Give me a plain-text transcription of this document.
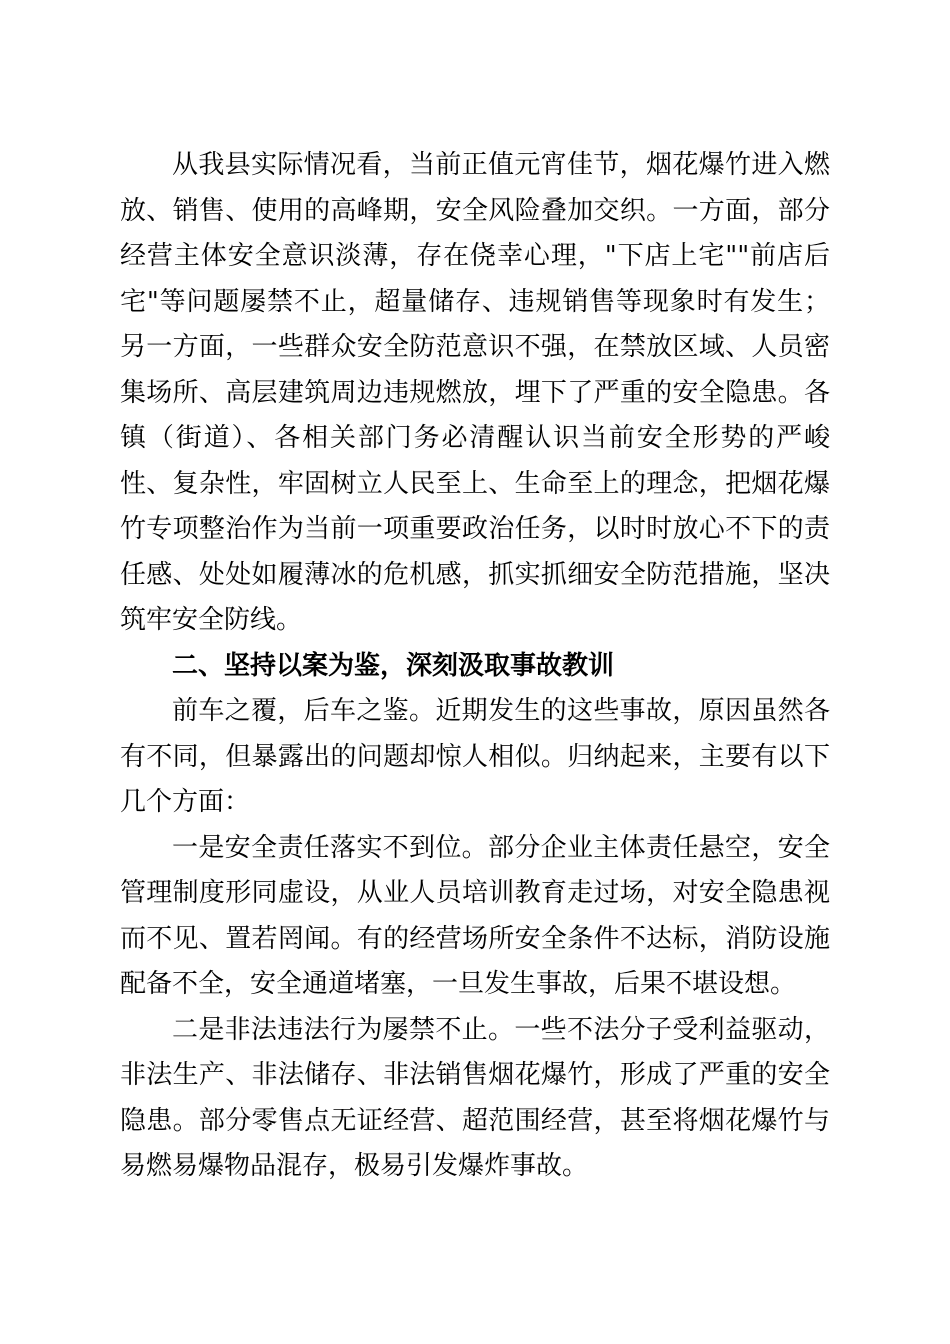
从我县实际情况看，当前正值元宵佳节，烟花爆竹进入燃放、销售、使用的高峰期，安全风险叠加交织。一方面，部分经营主体安全意识淡薄，存在侥幸心理，"下店上宅""前店后宅"等问题屡禁不止，超量储存、违规销售等现象时有发生；另一方面，一些群众安全防范意识不强，在禁放区域、人员密集场所、高层建筑周边违规燃放，埋下了严重的安全隐患。各镇（街道）、各相关部门务必清醒认识当前安全形势的严峻性、复杂性，牢固树立人民至上、生命至上的理念，把烟花爆竹专项整治作为当前一项重要政治任务，以时时放心不下的责任感、处处如履薄冰的危机感，抓实抓细安全防范措施，坚决筑牢安全防线。

二、坚持以案为鉴，深刻汲取事故教训

前车之覆，后车之鉴。近期发生的这些事故，原因虽然各有不同，但暴露出的问题却惊人相似。归纳起来，主要有以下几个方面：

一是安全责任落实不到位。部分企业主体责任悬空，安全管理制度形同虚设，从业人员培训教育走过场，对安全隐患视而不见、置若罔闻。有的经营场所安全条件不达标，消防设施配备不全，安全通道堵塞，一旦发生事故，后果不堪设想。

二是非法违法行为屡禁不止。一些不法分子受利益驱动，非法生产、非法储存、非法销售烟花爆竹，形成了严重的安全隐患。部分零售点无证经营、超范围经营，甚至将烟花爆竹与易燃易爆物品混存，极易引发爆炸事故。
